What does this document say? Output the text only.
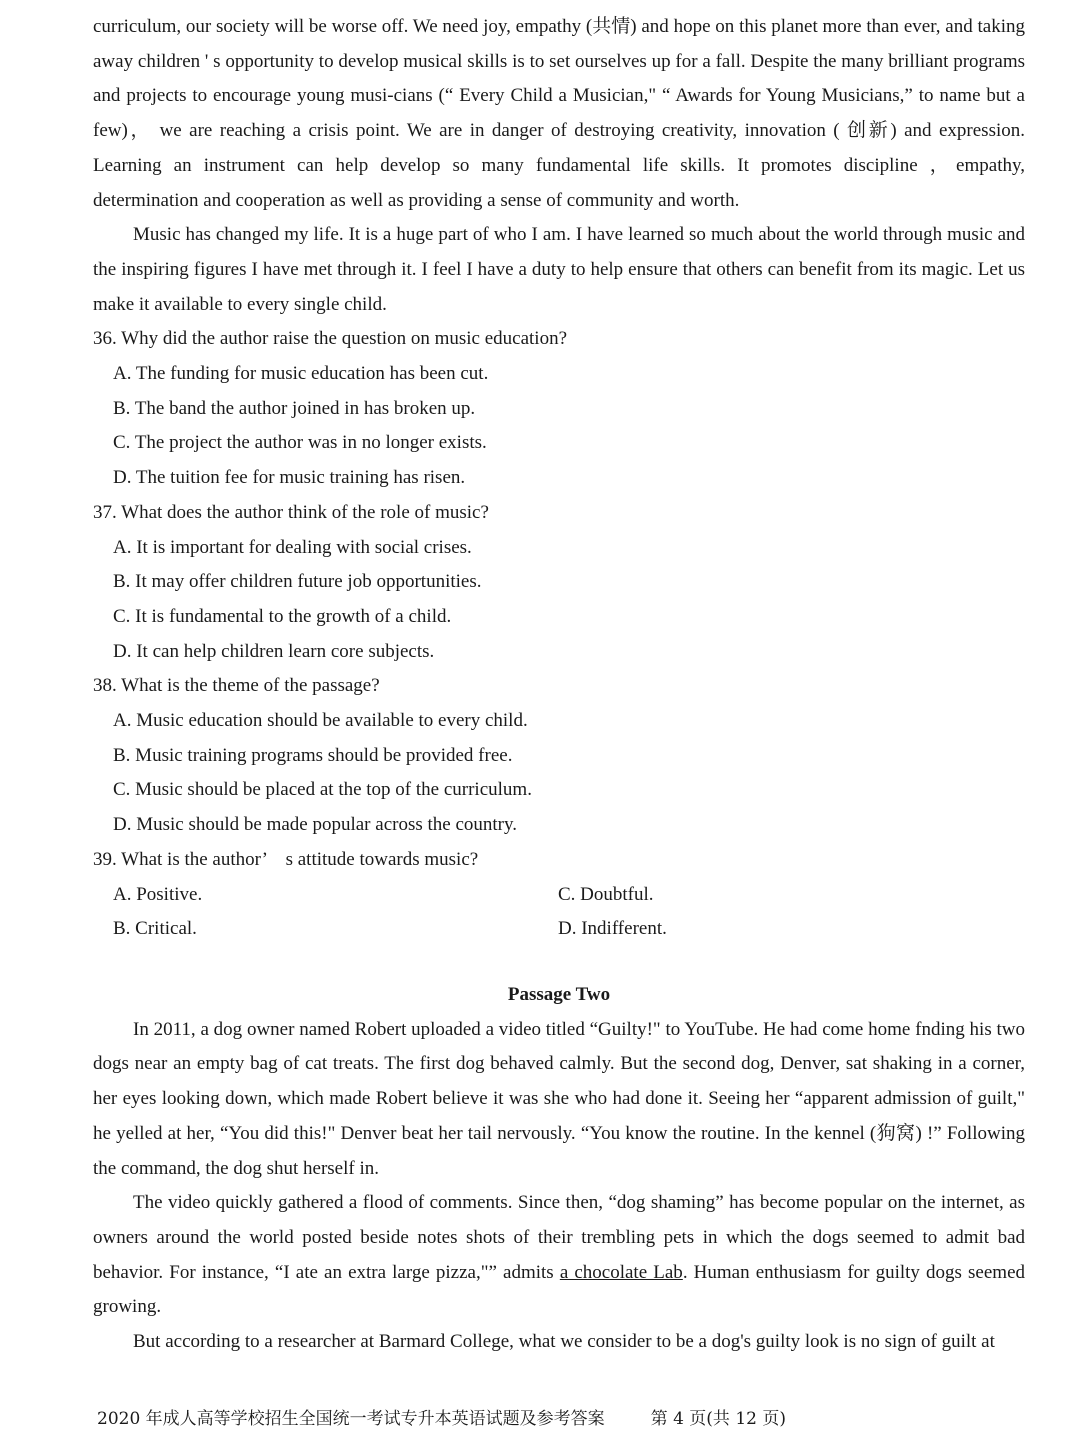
curriculum, our society will be worse off. We need joy, empathy (共情) and hope on this planet more than ever, and taking away children ' s opportunity to develop musical skills is to set ourselves up for a fall. Despite the many brilliant programs and projects to encourage young musi-cians (“ Every Child a Musician," “ Awards for Young Musicians,” to name but a few)， we are reaching a crisis point. We are in danger of destroying creativity, innovation ( 创新) and expression. Learning an instrument can help develop so many fundamental life skills. It promotes discipline ，empathy, determination and cooperation as well as providing a sense of community and worth.

Music has changed my life. It is a huge part of who I am. I have learned so much about the world through music and the inspiring figures I have met through it. I feel I have a duty to help ensure that others can benefit from its magic. Let us make it available to every single child.

36. Why did the author raise the question on music education?

A. The funding for music education has been cut.

B. The band the author joined in has broken up.

C. The project the author was in no longer exists.

D. The tuition fee for music training has risen.

37. What does the author think of the role of music?

A. It is important for dealing with social crises.

B. It may offer children future job opportunities.

C. It is fundamental to the growth of a child.

D. It can help children learn core subjects.

38. What is the theme of the passage?

A. Music education should be available to every child.

B. Music training programs should be provided free.

C. Music should be placed at the top of the curriculum.

D. Music should be made popular across the country.

39. What is the author’　s attitude towards music?

A. Positive.	C. Doubtful.
B. Critical.	D. Indifferent.

Passage Two

In 2011, a dog owner named Robert uploaded a video titled “Guilty!" to YouTube. He had come home fnding his two dogs near an empty bag of cat treats. The first dog behaved calmly. But the second dog, Denver, sat shaking in a corner, her eyes looking down, which made Robert believe it was she who had done it. Seeing her “apparent admission of guilt," he yelled at her, “You did this!" Denver beat her tail nervously. “You know the routine. In the kennel (狗窝) !” Following the command, the dog shut herself in.

The video quickly gathered a flood of comments. Since then, “dog shaming” has become popular on the internet, as owners around the world posted beside notes shots of their trembling pets in which the dogs seemed to admit bad behavior. For instance, “I ate an extra large pizza,"” admits a chocolate Lab. Human enthusiasm for guilty dogs seemed growing.

But according to a researcher at Barmard College, what we consider to be a dog's guilty look is no sign of guilt at

2020 年成人高等学校招生全国统一考试专升本英语试题及参考答案	第 4 页(共 12 页)
